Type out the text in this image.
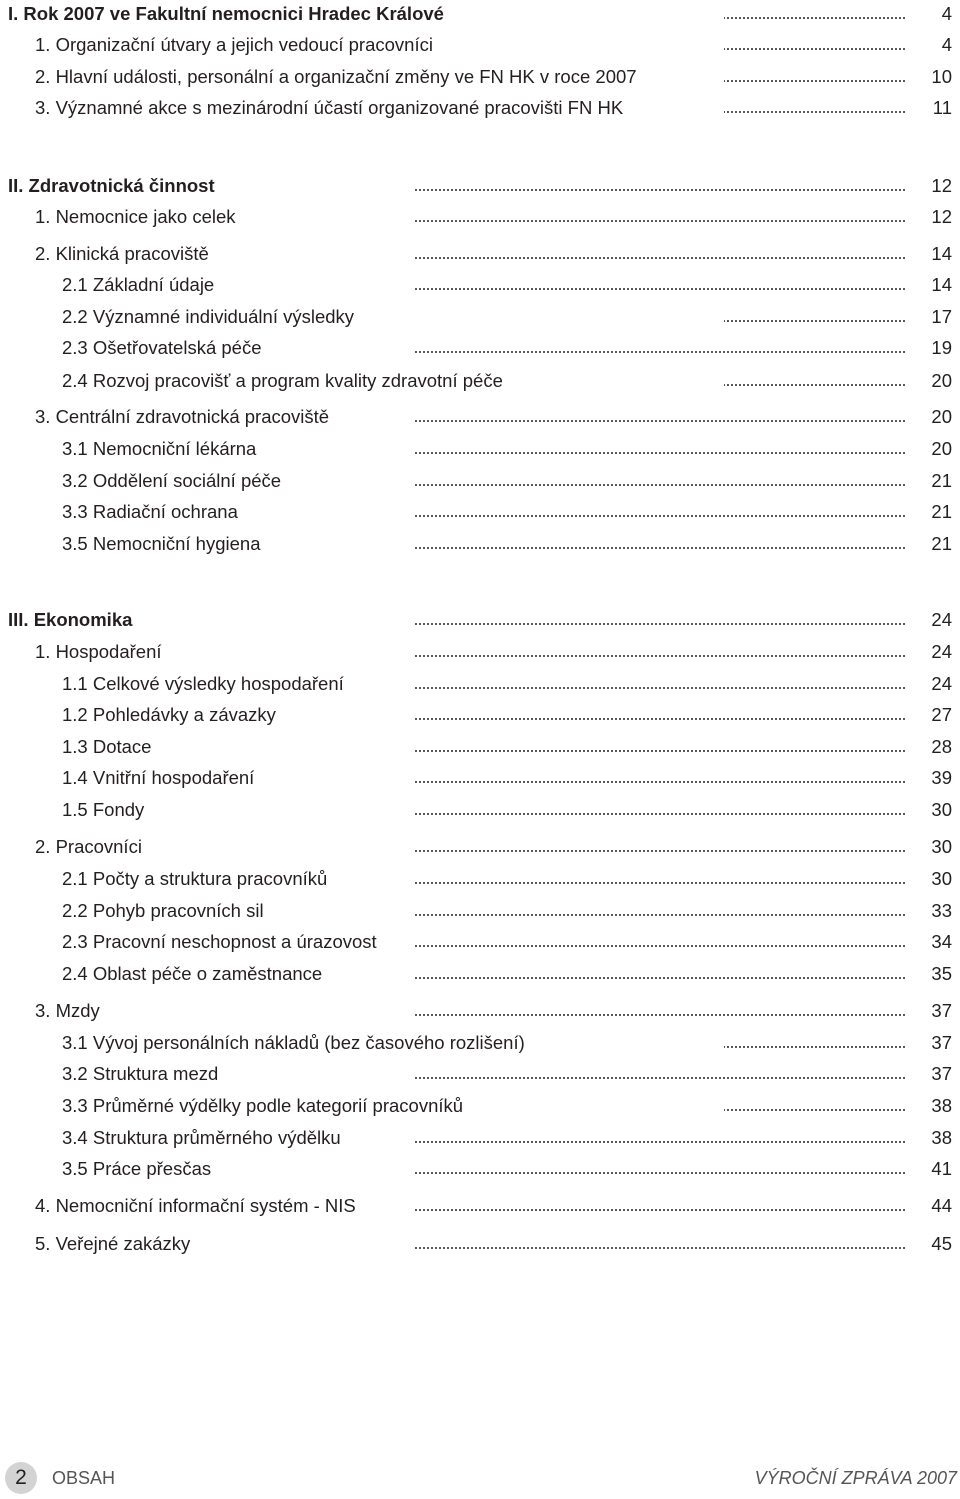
I. Rok 2007 ve Fakultní nemocnici Hradec Králové	4
1. Organizační útvary a jejich vedoucí pracovníci	4
2. Hlavní události, personální a organizační změny ve FN HK v roce 2007	10
3. Významné akce s mezinárodní účastí organizované pracovišti FN HK	11
II. Zdravotnická činnost	12
1. Nemocnice jako celek	12
2. Klinická pracoviště	14
2.1 Základní údaje	14
2.2 Významné individuální výsledky	17
2.3 Ošetřovatelská péče	19
2.4 Rozvoj pracovišť a program kvality zdravotní péče	20
3. Centrální zdravotnická pracoviště	20
3.1 Nemocniční lékárna	20
3.2 Oddělení sociální péče	21
3.3 Radiační ochrana	21
3.5 Nemocniční hygiena	21
III. Ekonomika	24
1. Hospodaření	24
1.1 Celkové výsledky hospodaření	24
1.2 Pohledávky a závazky	27
1.3 Dotace	28
1.4 Vnitřní hospodaření	39
1.5 Fondy	30
2. Pracovníci	30
2.1 Počty a struktura pracovníků	30
2.2 Pohyb pracovních sil	33
2.3 Pracovní neschopnost a úrazovost	34
2.4 Oblast péče o zaměstnance	35
3. Mzdy	37
3.1 Vývoj personálních nákladů (bez časového rozlišení)	37
3.2 Struktura mezd	37
3.3 Průměrné výdělky podle kategorií pracovníků	38
3.4 Struktura průměrného výdělku	38
3.5 Práce přesčas	41
4. Nemocniční informační systém - NIS	44
5. Veřejné zakázky	45
2	OBSAH	VÝROČNÍ ZPRÁVA 2007
